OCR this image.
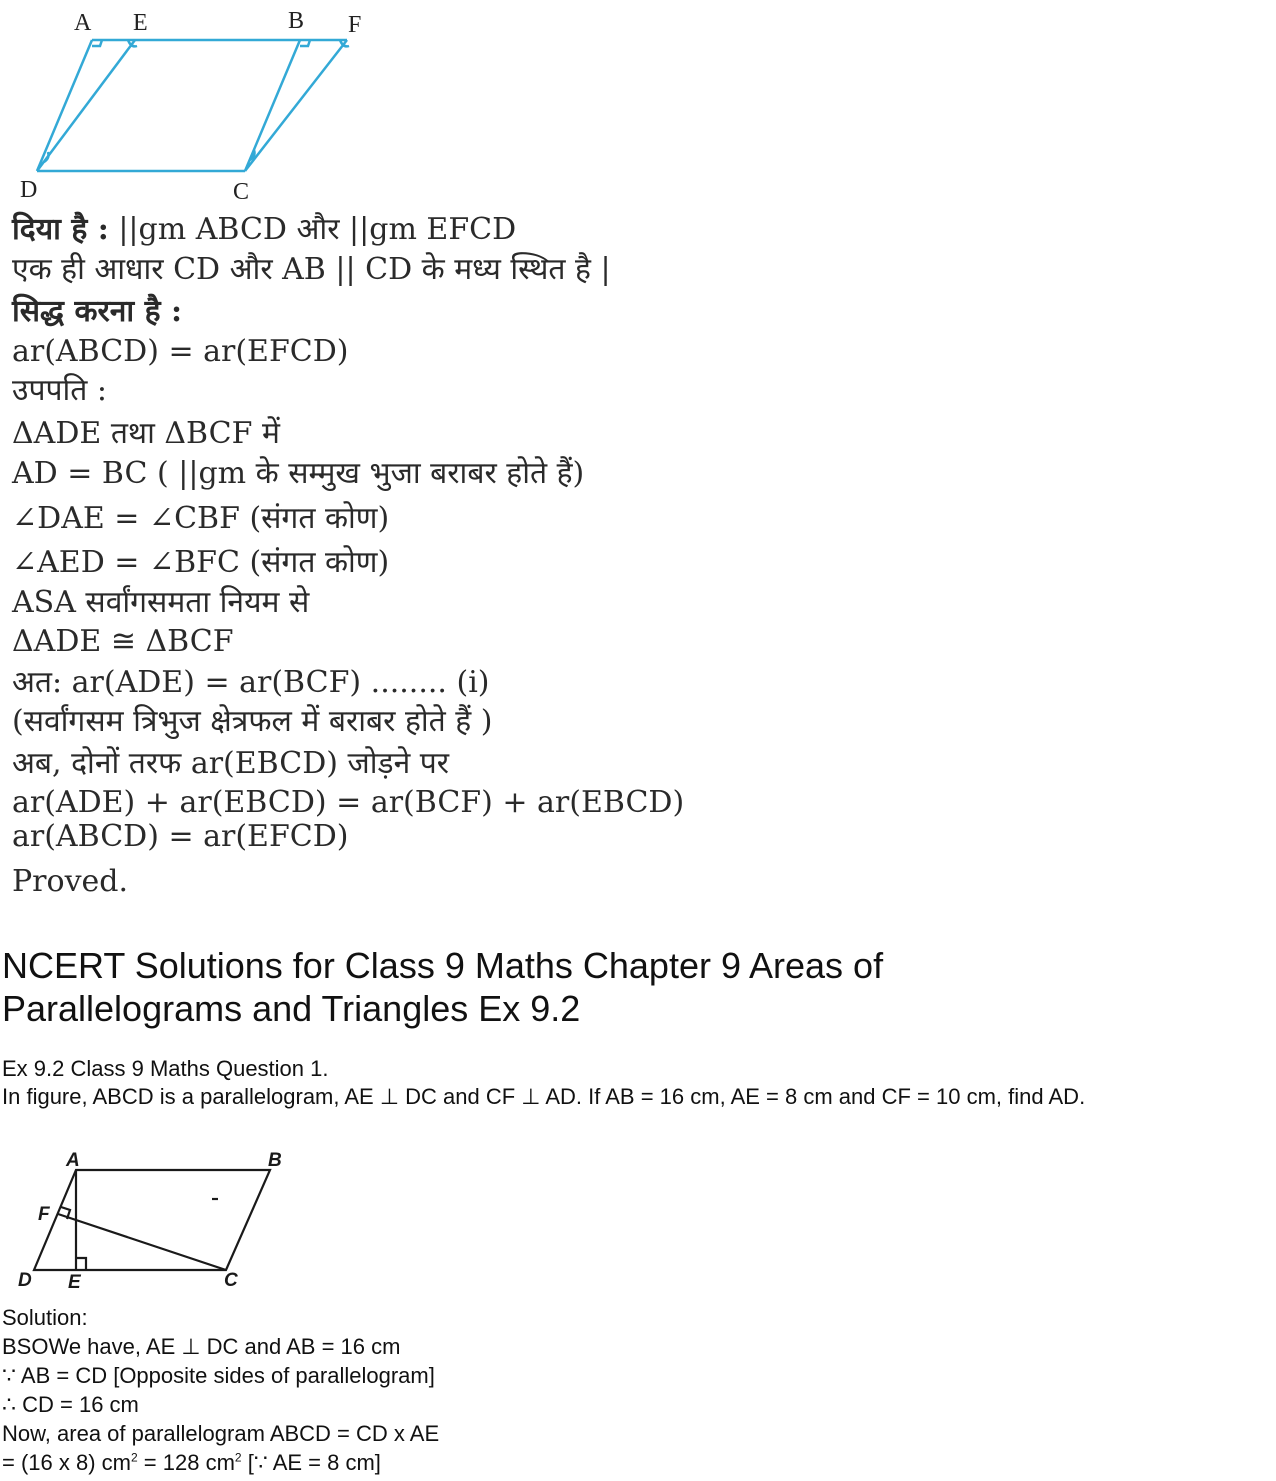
A E	B F
D	C
दिया है : ||gm ABCD और ||gm EFCD
एक ही आधार CD और AB || CD के मध्य स्थित है |
सिद्ध करना है :
ar(ABCD) = ar(EFCD)
उपपति :
ΔADE तथा ΔBCF में
AD = BC ( ||gm के सम्मुख भुजा बराबर होते हैं)
∠DAE = ∠CBF (संगत कोण)
∠AED = ∠BFC (संगत कोण)
ASA सर्वांगसमता नियम से
ΔADE ≅ ΔBCF
अत: ar(ADE) = ar(BCF) ........ (i)
(सर्वांगसम त्रिभुज क्षेत्रफल में बराबर होते हैं )
अब, दोनों तरफ ar(EBCD) जोड़ने पर
ar(ADE) + ar(EBCD) = ar(BCF) + ar(EBCD)
ar(ABCD) = ar(EFCD)
Proved.
NCERT Solutions for Class 9 Maths Chapter 9 Areas of Parallelograms and Triangles Ex 9.2
Ex 9.2 Class 9 Maths Question 1.
In figure, ABCD is a parallelogram, AE ⊥ DC and CF ⊥ AD. If AB = 16 cm, AE = 8 cm and CF = 10 cm, find AD.
A	B
F
D E	C
Solution:
BSOWe have, AE ⊥ DC and AB = 16 cm
∵ AB = CD [Opposite sides of parallelogram]
∴ CD = 16 cm
Now, area of parallelogram ABCD = CD x AE
= (16 x 8) $cm^2 = 128$ $cm^2$ [∵ AE = 8 cm]
